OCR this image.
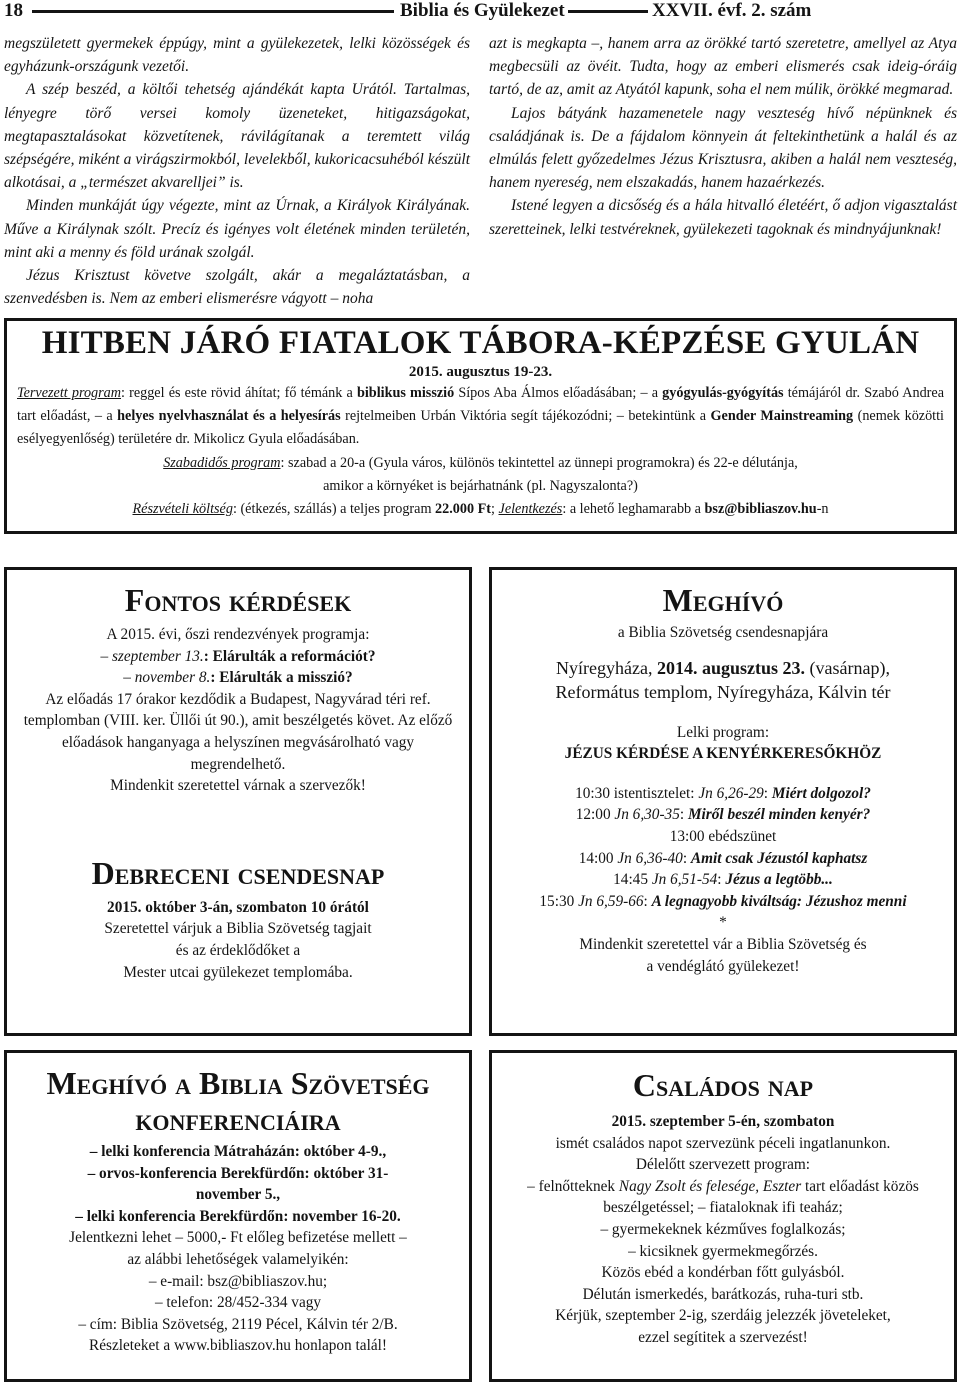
18	Biblia és Gyülekezet	XXVII. évf. 2. szám

megszületett gyermekek éppúgy, mint a gyülekezetek, lelki közösségek és egyházunk-országunk vezetői.

A szép beszéd, a költői tehetség ajándékát kapta Urától. Tartalmas, lényegre törő versei komoly üzeneteket, hitigazságokat, megtapasztalásokat közvetítenek, rávilágítanak a teremtett világ szépségére, miként a virágszirmokból, levelekből, kukoricacsuhéból készült alkotásai, a „természet akvarelljei” is.

Minden munkáját úgy végezte, mint az Úrnak, a Királyok Királyának. Műve a Királynak szólt. Precíz és igényes volt életének minden területén, mint aki a menny és föld urának szolgál.

Jézus Krisztust követve szolgált, akár a megaláztatásban, a szenvedésben is. Nem az emberi elismerésre vágyott – noha

azt is megkapta –, hanem arra az örökké tartó szeretetre, amellyel az Atya megbecsüli az övéit. Tudta, hogy az emberi elismerés csak ideig-óráig tartó, de az, amit az Atyától kapunk, soha el nem múlik, örökké megmarad.

Lajos bátyánk hazamenetele nagy veszteség hívő népünknek és családjának is. De a fájdalom könnyein át feltekinthetünk a halál és az elmúlás felett győzedelmes Jézus Krisztusra, akiben a halál nem veszteség, hanem nyereség, nem elszakadás, hanem hazaérkezés.

Istené legyen a dicsőség és a hála hitvalló életéért, ő adjon vigasztalást szeretteinek, lelki testvéreknek, gyülekezeti tagoknak és mindnyájunknak!

HITBEN JÁRÓ FIATALOK TÁBORA-KÉPZÉSE GYULÁN
2015. augusztus 19-23.
Tervezett program: reggel és este rövid áhítat; fő témánk a biblikus misszió Sípos Aba Álmos előadásában; – a gyógyulás-gyógyítás témájáról dr. Szabó Andrea tart előadást, – a helyes nyelvhasználat és a helyesírás rejtelmeiben Urbán Viktória segít tájékozódni; – betekintünk a Gender Mainstreaming (nemek közötti esélyegyenlőség) területére dr. Mikolicz Gyula előadásában.
Szabadidős program: szabad a 20-a (Gyula város, különös tekintettel az ünnepi programokra) és 22-e délutánja,
amikor a környéket is bejárhatnánk (pl. Nagyszalonta?)
Részvételi költség: (étkezés, szállás) a teljes program 22.000 Ft; Jelentkezés: a lehető leghamarabb a bsz@bibliaszov.hu-n
Fontos kérdések
A 2015. évi, őszi rendezvények programja:
– szeptember 13.: Elárulták a reformációt?
– november 8.: Elárulták a misszió?
Az előadás 17 órakor kezdődik a Budapest, Nagyvárad téri ref. templomban (VIII. ker. Üllői út 90.), amit beszélgetés követ. Az előző előadások hanganyaga a helyszínen megvásárolható vagy megrendelhető.
Mindenkit szeretettel várnak a szervezők!
Debreceni csendesnap
2015. október 3-án, szombaton 10 órától
Szeretettel várjuk a Biblia Szövetség tagjait
és az érdeklődőket a
Mester utcai gyülekezet templomába.
Meghívó
a Biblia Szövetség csendesnapjára
Nyíregyháza, 2014. augusztus 23. (vasárnap),
Református templom, Nyíregyháza, Kálvin tér
Lelki program:
JÉZUS KÉRDÉSE A KENYÉRKERESŐKHÖZ
10:30 istentisztelet: Jn 6,26-29: Miért dolgozol?
12:00 Jn 6,30-35: Miről beszél minden kenyér?
13:00 ebédszünet
14:00 Jn 6,36-40: Amit csak Jézustól kaphatsz
14:45 Jn 6,51-54: Jézus a legtöbb...
15:30 Jn 6,59-66: A legnagyobb kiváltság: Jézushoz menni
*
Mindenkit szeretettel vár a Biblia Szövetség és
a vendéglátó gyülekezet!
Meghívó a Biblia Szövetség
konferenciáira
– lelki konferencia Mátraházán: október 4-9.,
– orvos-konferencia Berekfürdőn: október 31-
november 5.,
– lelki konferencia Berekfürdőn: november 16-20.
Jelentkezni lehet – 5000,- Ft előleg befizetése mellett –
az alábbi lehetőségek valamelyikén:
– e-mail: bsz@bibliaszov.hu;
– telefon: 28/452-334 vagy
– cím: Biblia Szövetség, 2119 Pécel, Kálvin tér 2/B.
Részleteket a www.bibliaszov.hu honlapon talál!
Családos nap
2015. szeptember 5-én, szombaton
ismét családos napot szervezünk péceli ingatlanunkon.
Délelőtt szervezett program:
– felnőtteknek Nagy Zsolt és felesége, Eszter tart előadást közös beszélgetéssel; – fiataloknak ifi teaház;
– gyermekeknek kézműves foglalkozás;
– kicsiknek gyermekmegőrzés.
Közös ebéd a kondérban főtt gulyásból.
Délután ismerkedés, barátkozás, ruha-turi stb.
Kérjük, szeptember 2-ig, szerdáig jelezzék jöveteleket,
ezzel segítitek a szervezést!
